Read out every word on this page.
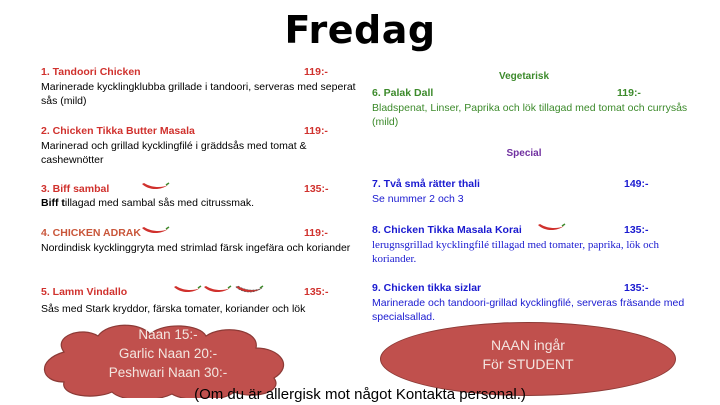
Fredag
1. Tandoori Chicken	119:-
Marinerade kycklingklubba grillade i tandoori, serveras med seperat sås (mild)
2. Chicken Tikka Butter Masala	119:-
Marinerad och grillad kycklingfilé i gräddsås med tomat & cashewnötter
3. Biff sambal	135:-
Biff tillagad med sambal sås med citrussmak.
4. CHICKEN ADRAK	119:-
Nordindisk kycklinggryta med strimlad färsk ingefära och koriander
5. Lamm Vindallo	135:-
Sås med Stark kryddor, färska tomater, koriander och lök
Vegetarisk
6. Palak Dall	119:-
Bladspenat, Linser, Paprika och lök tillagad med tomat och currysås (mild)
Special
7. Två små rätter thali	149:-
Se nummer 2 och 3
8. Chicken Tikka Masala Korai	135:-
lerugnsgrillad kycklingfilé tillagad med tomater, paprika, lök och koriander.
9. Chicken tikka sizlar	135:-
Marinerade och tandoori-grillad kycklingfilé, serveras fräsande med specialsallad.
Naan 15:-
Garlic Naan 20:-
Peshwari Naan 30:-
NAAN ingår
För STUDENT
(Om du är allergisk mot något Kontakta personal.)
